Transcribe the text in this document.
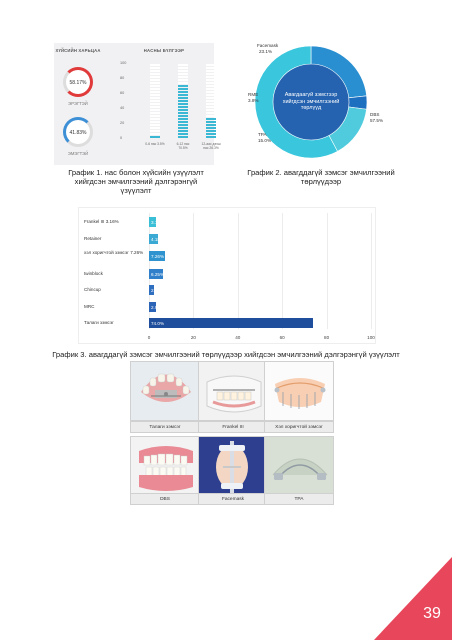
ХҮЙСИЙН ХАРЬЦАА
58.17%
ЭРЭГТЭЙ
41.83%
ЭМЭГТЭЙ
НАСНЫ БҮЛГЭЭР
100
80
60
40
20
0
0-6 нас 3.5%	6-12 нас 70.5%
12-аас дээш нас 26.3%
График 1. нас болон хүйсийн үзүүлэлт
хийгдсэн эмчилгээний дэлгэрэнгүй
үзүүлэлт
Facemask
23.1%
RME
3.8%
TPA
15.0%
DBS
57.5%
Авагдаагүй зэмсгээр
хийгдсэн эмчилгээний
төрлүүд
График 2. авагддагүй зэмсэг эмчилгээний
төрлүүдээр
0	20	40	60	80	100
Frankel III 3.16%	3.16%
Retainer	4.18%
хэл хоригчтой зэмсэг 7.26%
7.26%
twinblock	6.25%
Chincup	2.03%
MRC	2.98%
Талаги зэмсэг	74.0%
График 3. авагддагүй зэмсэг эмчилгээний төрлүүдээр хийгдсэн эмчилгээний дэлгэрэнгүй үзүүлэлт
Талаги зэмсэг	Frankel III	Хэл хоригчтой зэмсэг
DBS	Facemask	TPA
39
